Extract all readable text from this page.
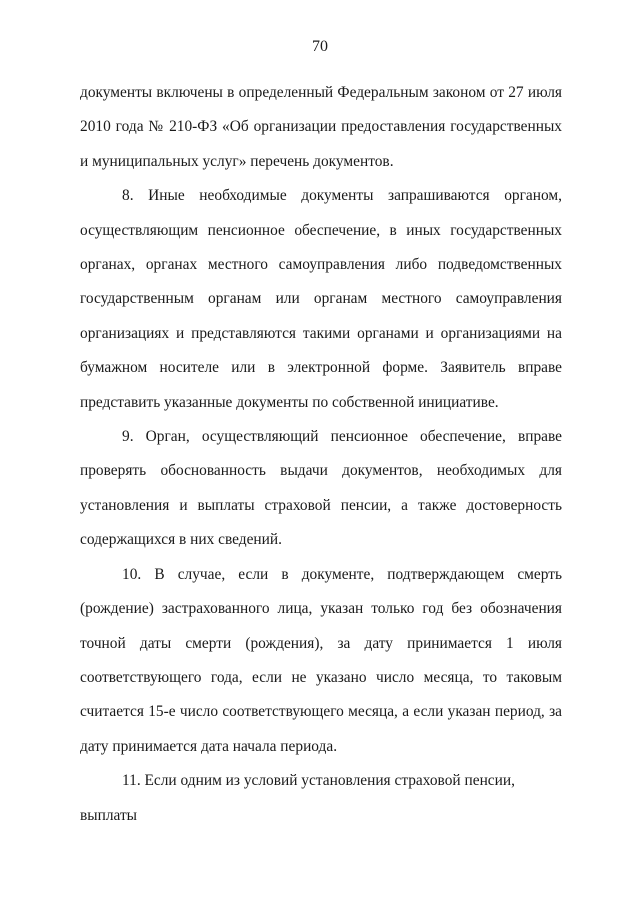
70

документы включены в определенный Федеральным законом от 27 июля 2010 года № 210-ФЗ «Об организации предоставления государственных и муниципальных услуг» перечень документов.

8. Иные необходимые документы запрашиваются органом, осуществляющим пенсионное обеспечение, в иных государственных органах, органах местного самоуправления либо подведомственных государственным органам или органам местного самоуправления организациях и представляются такими органами и организациями на бумажном носителе или в электронной форме. Заявитель вправе представить указанные документы по собственной инициативе.

9. Орган, осуществляющий пенсионное обеспечение, вправе проверять обоснованность выдачи документов, необходимых для установления и выплаты страховой пенсии, а также достоверность содержащихся в них сведений.

10. В случае, если в документе, подтверждающем смерть (рождение) застрахованного лица, указан только год без обозначения точной даты смерти (рождения), за дату принимается 1 июля соответствующего года, если не указано число месяца, то таковым считается 15-е число соответствующего месяца, а если указан период, за дату принимается дата начала периода.

11. Если одним из условий установления страховой пенсии, выплаты
